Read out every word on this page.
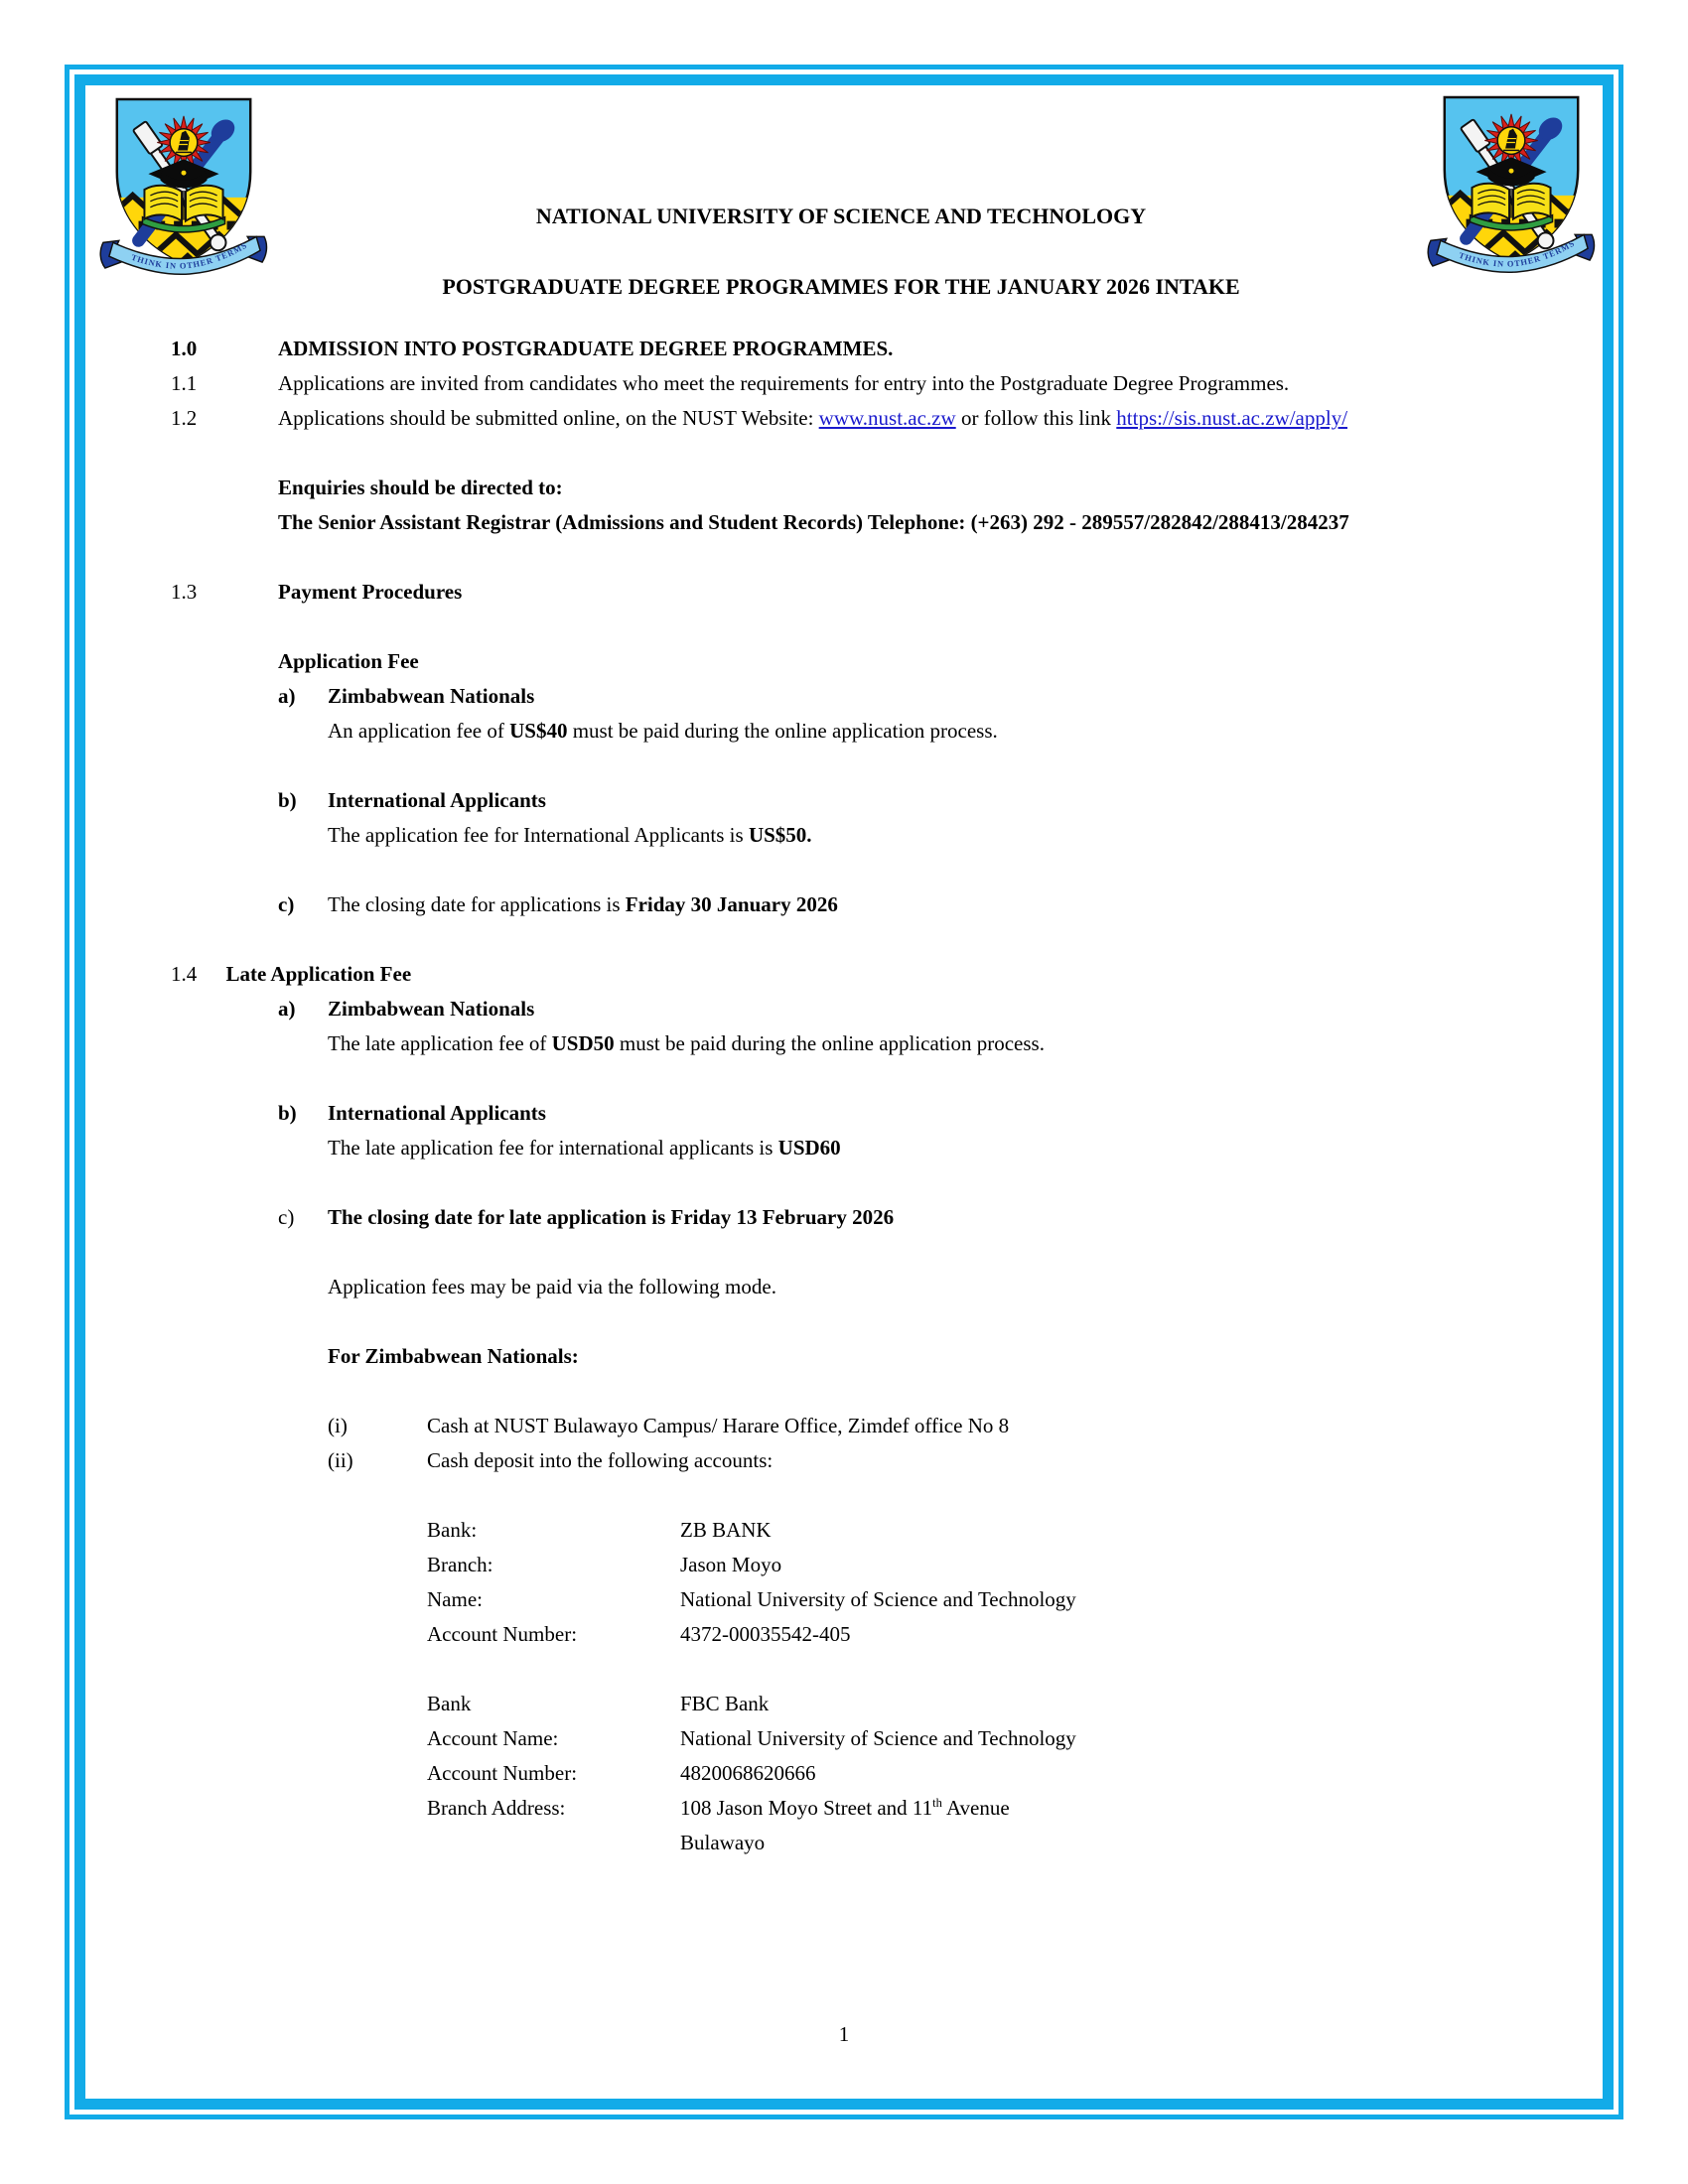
NATIONAL UNIVERSITY OF SCIENCE AND TECHNOLOGY
POSTGRADUATE DEGREE PROGRAMMES FOR THE JANUARY 2026 INTAKE
1.0	ADMISSION INTO POSTGRADUATE DEGREE PROGRAMMES.
1.1	Applications are invited from candidates who meet the requirements for entry into the Postgraduate Degree Programmes.
1.2	Applications should be submitted online, on the NUST Website: www.nust.ac.zw or follow this link https://sis.nust.ac.zw/apply/
Enquiries should be directed to:
The Senior Assistant Registrar (Admissions and Student Records) Telephone: (+263) 292 - 289557/282842/288413/284237
1.3	Payment Procedures
Application Fee
a)	Zimbabwean Nationals
An application fee of US$40 must be paid during the online application process.
b)	International Applicants
The application fee for International Applicants is US$50.
c)	The closing date for applications is Friday 30 January 2026
1.4 Late Application Fee
a)	Zimbabwean Nationals
The late application fee of USD50 must be paid during the online application process.
b)	International Applicants
The late application fee for international applicants is USD60
c)	The closing date for late application is Friday 13 February 2026
Application fees may be paid via the following mode.
For Zimbabwean Nationals:
(i)	Cash at NUST Bulawayo Campus/ Harare Office, Zimdef office No 8
(ii)	Cash deposit into the following accounts:
Bank:	ZB BANK
Branch:	Jason Moyo
Name:	National University of Science and Technology
Account Number:	4372-00035542-405
Bank	FBC Bank
Account Name:	National University of Science and Technology
Account Number:	4820068620666
Branch Address:	108 Jason Moyo Street and 11th Avenue
Bulawayo
1
